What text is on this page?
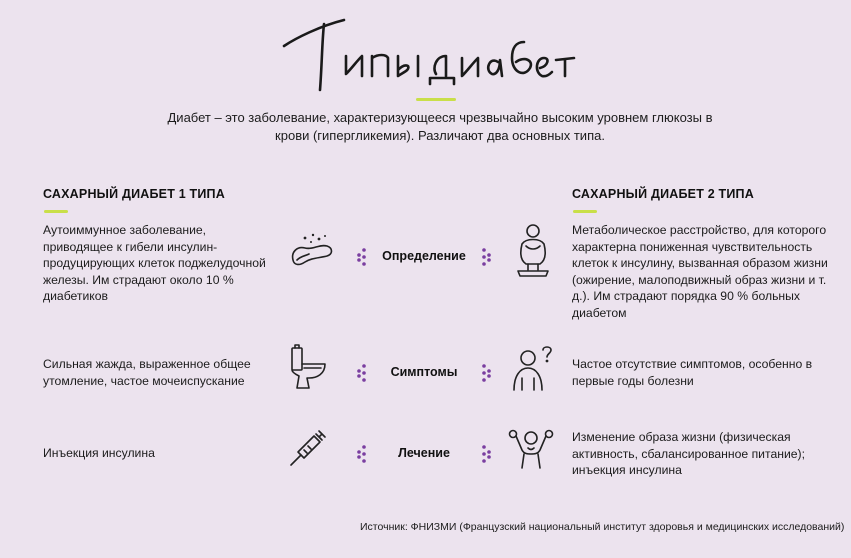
Диабет – это заболевание, характеризующееся чрезвычайно высоким уровнем глюкозы в крови (гипергликемия). Различают два основных типа.
САХАРНЫЙ ДИАБЕТ 1 ТИПА	САХАРНЫЙ ДИАБЕТ 2 ТИПА
Аутоиммунное заболевание, приводящее к гибели инсулин-продуцирующих клеток поджелудочной железы. Им страдают около 10 % диабетиков
Метаболическое расстройство, для которого характерна пониженная чувствительность клеток к инсулину, вызванная образом жизни (ожирение, малоподвижный образ жизни и т. д.). Им страдают порядка 90 % больных диабетом
Определение
Сильная жажда, выраженное общее утомление, частое мочеиспускание
Частое отсутствие симптомов, особенно в первые годы болезни
Симптомы
Инъекция инсулина
Изменение образа жизни (физическая активность, сбалансированное питание); инъекция инсулина
Лечение
Источник: ФНИЗМИ (Французский национальный институт здоровья и медицинских исследований)
